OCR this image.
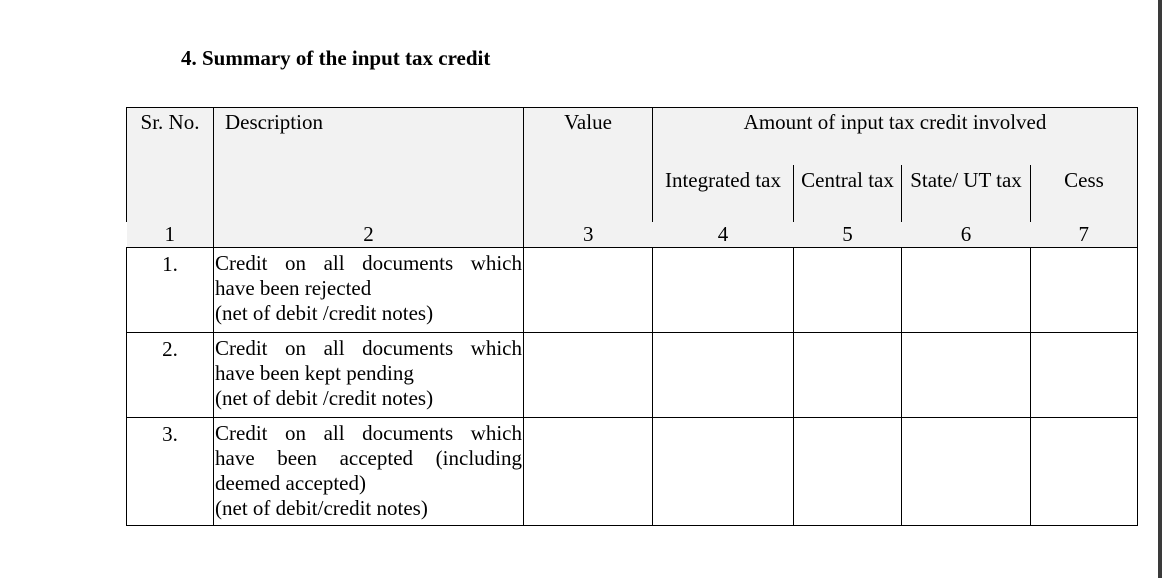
4. Summary of the input tax credit
Sr. No.	Description	Value	Amount of input tax credit involved			
			Integrated tax	Central tax	State/ UT tax	Cess
1	2	3	4	5	6	7
1.	Credit on all documents which
have been rejected
(net of debit /credit notes)					

2.	Credit on all documents which
have been kept pending
(net of debit /credit notes)					

3.	Credit on all documents which
have been accepted (including
deemed accepted)
(net of debit/credit notes)					
